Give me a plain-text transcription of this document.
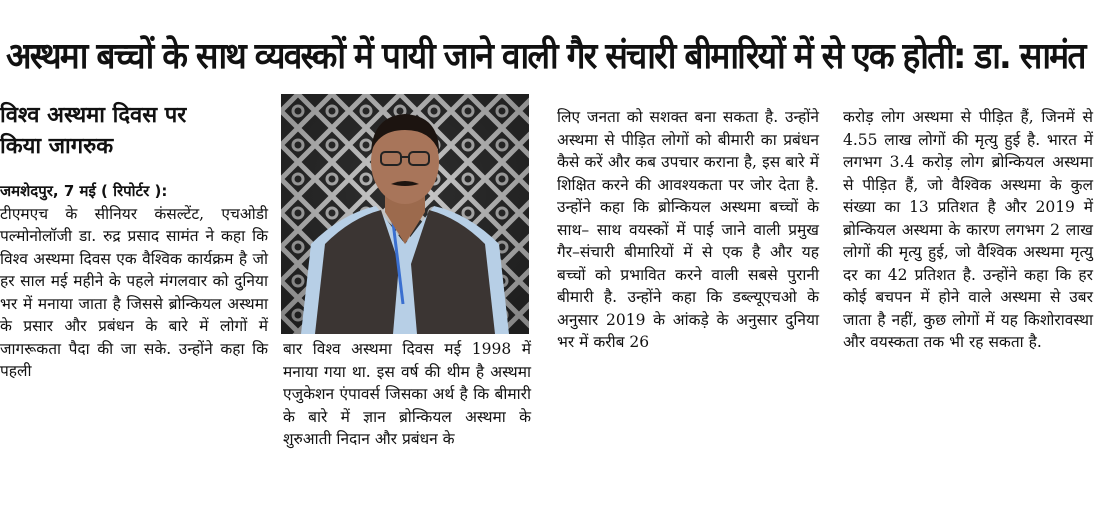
अस्थमा बच्चों के साथ व्यवस्कों में पायी जाने वाली गैर संचारी बीमारियों में से एक होती: डा. सामंत
विश्व अस्थमा दिवस पर
किया जागरुक

जमशेदपुर, 7 मई ( रिपोर्टर ):

टीएमएच के सीनियर कंसल्टेंट, एचओडी पल्मोनोलॉजी डा. रुद्र प्रसाद सामंत ने कहा कि विश्व अस्थमा दिवस एक वैश्विक कार्यक्रम है जो हर साल मई महीने के पहले मंगलवार को दुनिया भर में मनाया जाता है जिससे ब्रोन्कियल अस्थमा के प्रसार और प्रबंधन के बारे में लोगों में जागरूकता पैदा की जा सके. उन्होंने कहा कि पहली

बार विश्व अस्थमा दिवस मई 1998 में मनाया गया था. इस वर्ष की थीम है अस्थमा एजुकेशन एंपावर्स जिसका अर्थ है कि बीमारी के बारे में ज्ञान ब्रोन्कियल अस्थमा के शुरुआती निदान और प्रबंधन के

लिए जनता को सशक्त बना सकता है. उन्होंने अस्थमा से पीड़ित लोगों को बीमारी का प्रबंधन कैसे करें और कब उपचार कराना है, इस बारे में शिक्षित करने की आवश्यकता पर जोर देता है. उन्होंने कहा कि ब्रोन्कियल अस्थमा बच्चों के साथ– साथ वयस्कों में पाई जाने वाली प्रमुख गैर–संचारी बीमारियों में से एक है और यह बच्चों को प्रभावित करने वाली सबसे पुरानी बीमारी है. उन्होंने कहा कि डब्ल्यूएचओ के अनुसार 2019 के आंकड़े के अनुसार दुनिया भर में करीब 26

करोड़ लोग अस्थमा से पीड़ित हैं, जिनमें से 4.55 लाख लोगों की मृत्यु हुई है. भारत में लगभग 3.4 करोड़ लोग ब्रोन्कियल अस्थमा से पीड़ित हैं, जो वैश्विक अस्थमा के कुल संख्या का 13 प्रतिशत है और 2019 में ब्रोन्कियल अस्थमा के कारण लगभग 2 लाख लोगों की मृत्यु हुई, जो वैश्विक अस्थमा मृत्यु दर का 42 प्रतिशत है. उन्होंने कहा कि हर कोई बचपन में होने वाले अस्थमा से उबर जाता है नहीं, कुछ लोगों में यह किशोरावस्था और वयस्कता तक भी रह सकता है.
